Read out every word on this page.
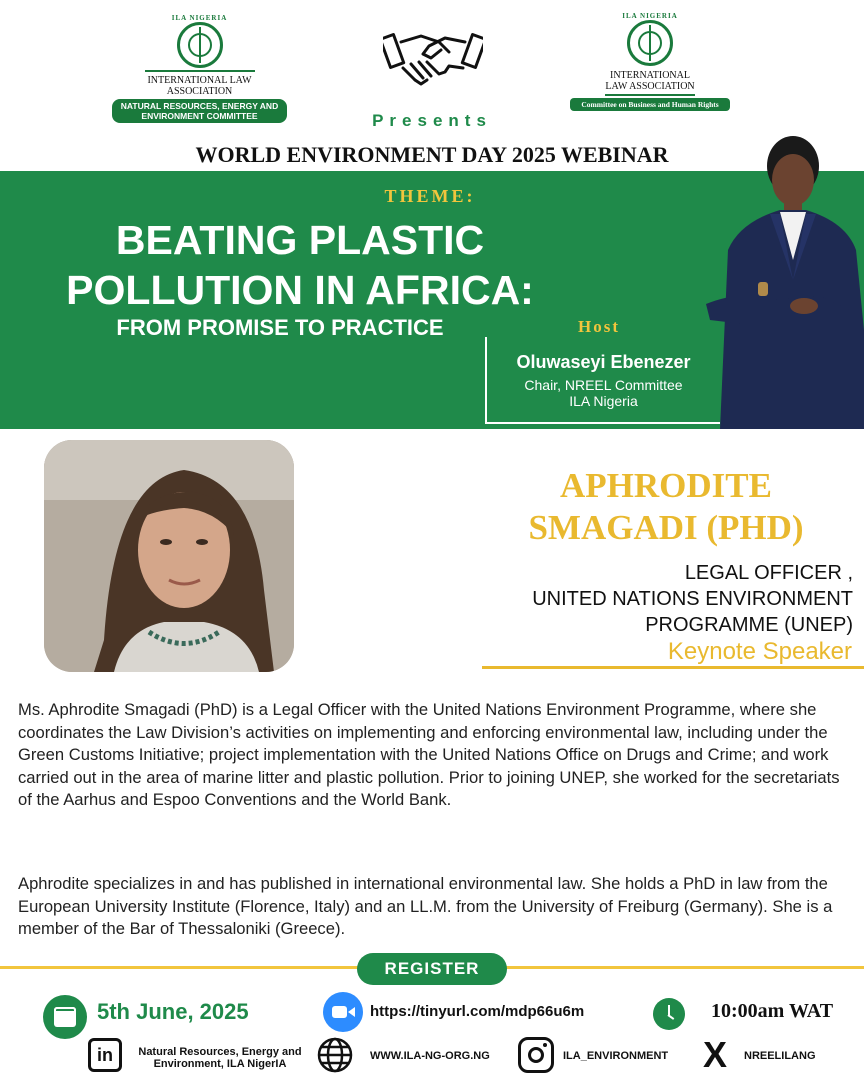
ILA NIGERIA
INTERNATIONAL LAW ASSOCIATION
NATURAL RESOURCES, ENERGY AND ENVIRONMENT COMMITTEE
ILA NIGERIA
INTERNATIONAL LAW ASSOCIATION
Committee on Business and Human Rights
Presents
WORLD ENVIRONMENT DAY 2025 WEBINAR
THEME:
BEATING PLASTIC
POLLUTION IN AFRICA:
FROM PROMISE TO PRACTICE	Host
Oluwaseyi Ebenezer
Chair, NREEL Committee
ILA Nigeria
APHRODITE
SMAGADI (PHD)
LEGAL OFFICER ,
UNITED NATIONS ENVIRONMENT
PROGRAMME (UNEP)
Keynote Speaker

Ms. Aphrodite Smagadi (PhD) is a Legal Officer with the United Nations Environment Programme, where she coordinates the Law Division’s activities on implementing and enforcing environmental law, including under the Green Customs Initiative; project implementation with the United Nations Office on Drugs and Crime; and work carried out in the area of marine litter and plastic pollution. Prior to joining UNEP, she worked for the secretariats of the Aarhus and Espoo Conventions and the World Bank.

Aphrodite specializes in and has published in international environmental law. She holds a PhD in law from the European University Institute (Florence, Italy) and an LL.M. from the University of Freiburg (Germany). She is a member of the Bar of Thessaloniki (Greece).

REGISTER
5th June, 2025	https://tinyurl.com/mdp66u6m	10:00am WAT
in	Natural Resources, Energy and Environment, ILA NigerIA
WWW.ILA-NG-ORG.NG	ILA_ENVIRONMENT X NREELILANG
